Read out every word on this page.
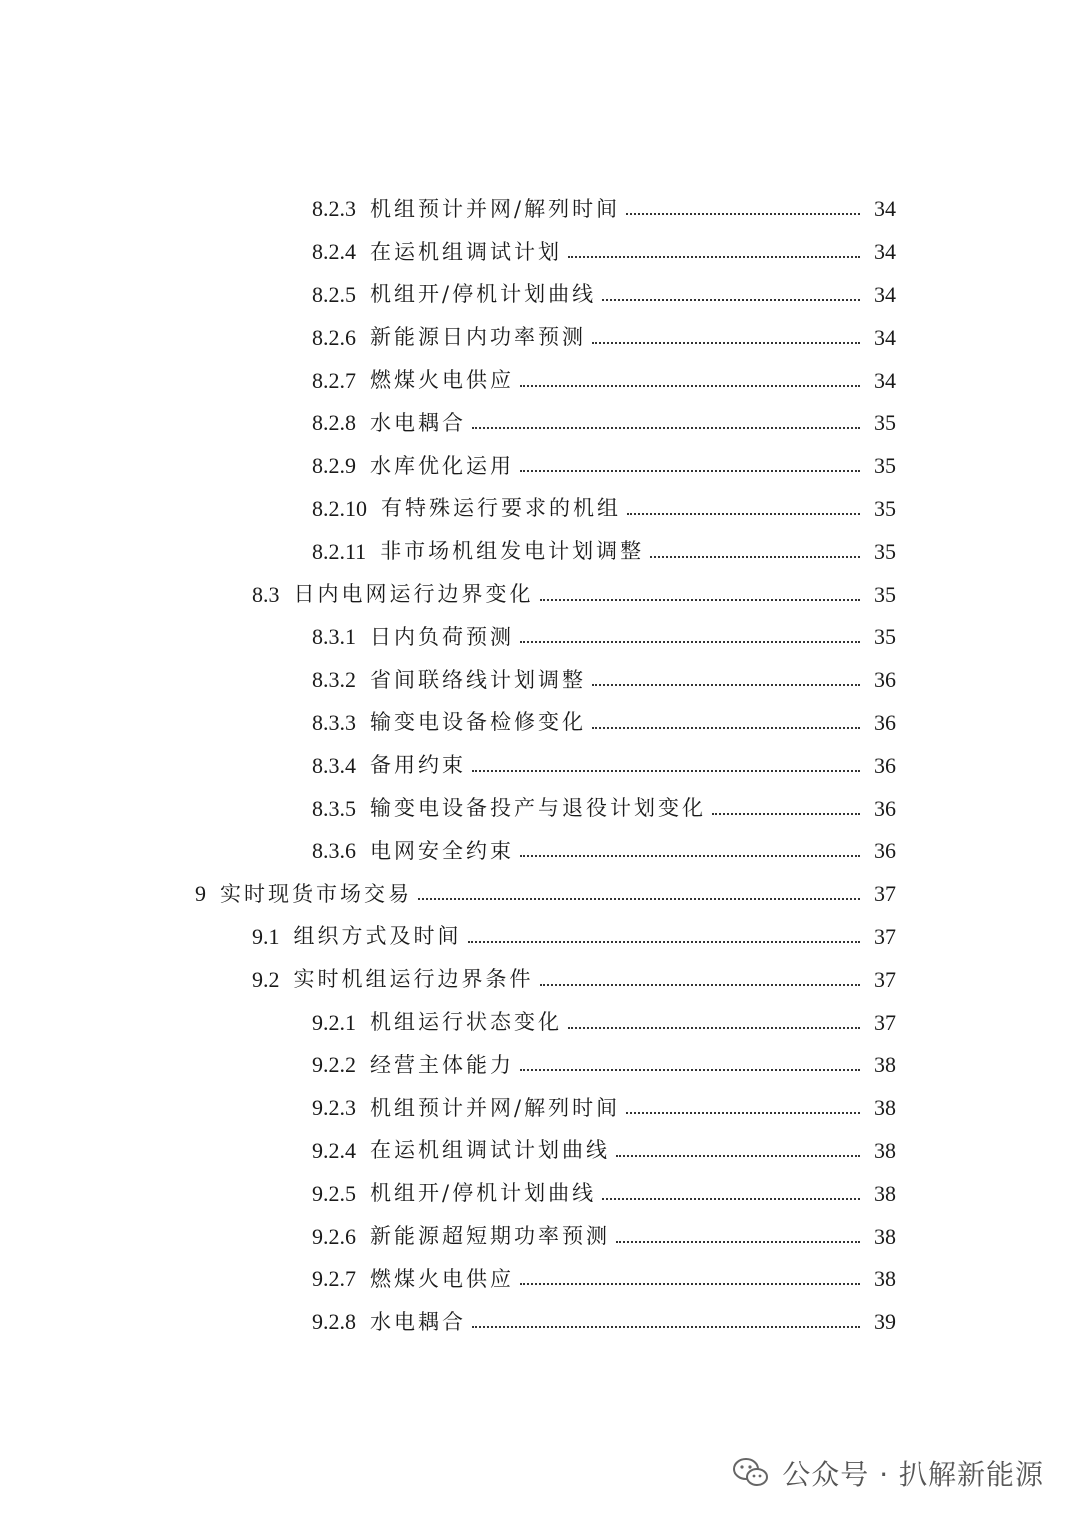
8.2.3 机组预计并网/解列时间	34
8.2.4 在运机组调试计划	34
8.2.5 机组开/停机计划曲线	34
8.2.6 新能源日内功率预测	34
8.2.7 燃煤火电供应	34
8.2.8 水电耦合	35
8.2.9 水库优化运用	35
8.2.10 有特殊运行要求的机组	35
8.2.11 非市场机组发电计划调整	35
8.3 日内电网运行边界变化	35
8.3.1 日内负荷预测	35
8.3.2 省间联络线计划调整	36
8.3.3 输变电设备检修变化	36
8.3.4 备用约束	36
8.3.5 输变电设备投产与退役计划变化	36
8.3.6 电网安全约束	36
9 实时现货市场交易	37
9.1 组织方式及时间	37
9.2 实时机组运行边界条件	37
9.2.1 机组运行状态变化	37
9.2.2 经营主体能力	38
9.2.3 机组预计并网/解列时间	38
9.2.4 在运机组调试计划曲线	38
9.2.5 机组开/停机计划曲线	38
9.2.6 新能源超短期功率预测	38
9.2.7 燃煤火电供应	38
9.2.8 水电耦合	39
公众号 · 扒解新能源
